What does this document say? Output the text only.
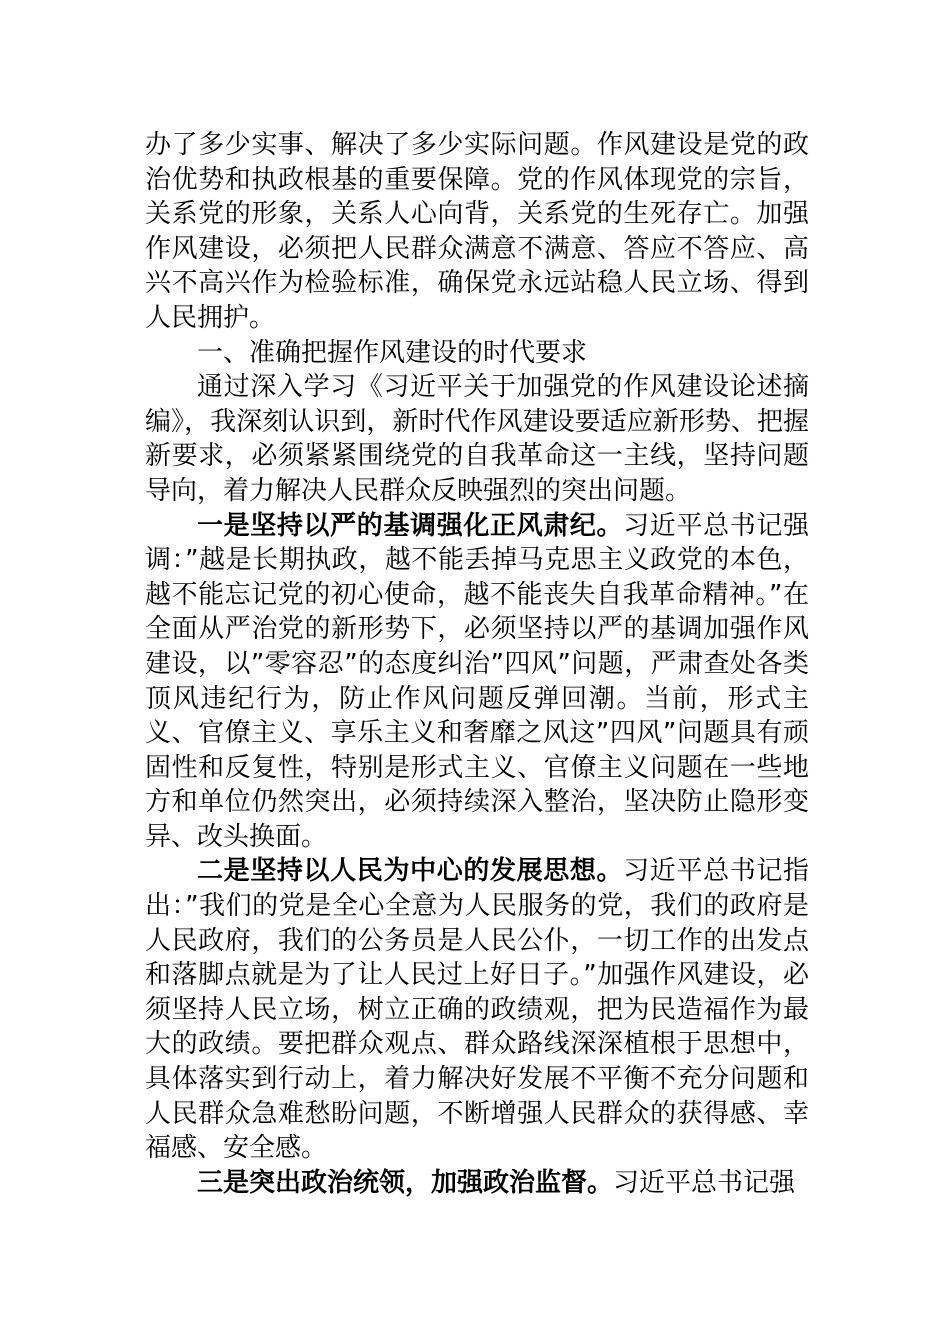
办了多少实事、解决了多少实际问题。作风建设是党的政治优势和执政根基的重要保障。党的作风体现党的宗旨，关系党的形象，关系人心向背，关系党的生死存亡。加强作风建设，必须把人民群众满意不满意、答应不答应、高兴不高兴作为检验标准，确保党永远站稳人民立场、得到人民拥护。

一、准确把握作风建设的时代要求

通过深入学习《习近平关于加强党的作风建设论述摘编》，我深刻认识到，新时代作风建设要适应新形势、把握新要求，必须紧紧围绕党的自我革命这一主线，坚持问题导向，着力解决人民群众反映强烈的突出问题。

一是坚持以严的基调强化正风肃纪。习近平总书记强调：”越是长期执政，越不能丢掉马克思主义政党的本色，越不能忘记党的初心使命，越不能丧失自我革命精神。”在全面从严治党的新形势下，必须坚持以严的基调加强作风建设，以”零容忍”的态度纠治”四风”问题，严肃查处各类顶风违纪行为，防止作风问题反弹回潮。当前，形式主义、官僚主义、享乐主义和奢靡之风这”四风”问题具有顽固性和反复性，特别是形式主义、官僚主义问题在一些地方和单位仍然突出，必须持续深入整治，坚决防止隐形变异、改头换面。

二是坚持以人民为中心的发展思想。习近平总书记指出：”我们的党是全心全意为人民服务的党，我们的政府是人民政府，我们的公务员是人民公仆，一切工作的出发点和落脚点就是为了让人民过上好日子。”加强作风建设，必须坚持人民立场，树立正确的政绩观，把为民造福作为最大的政绩。要把群众观点、群众路线深深植根于思想中，具体落实到行动上，着力解决好发展不平衡不充分问题和人民群众急难愁盼问题，不断增强人民群众的获得感、幸福感、安全感。

三是突出政治统领，加强政治监督。习近平总书记强
